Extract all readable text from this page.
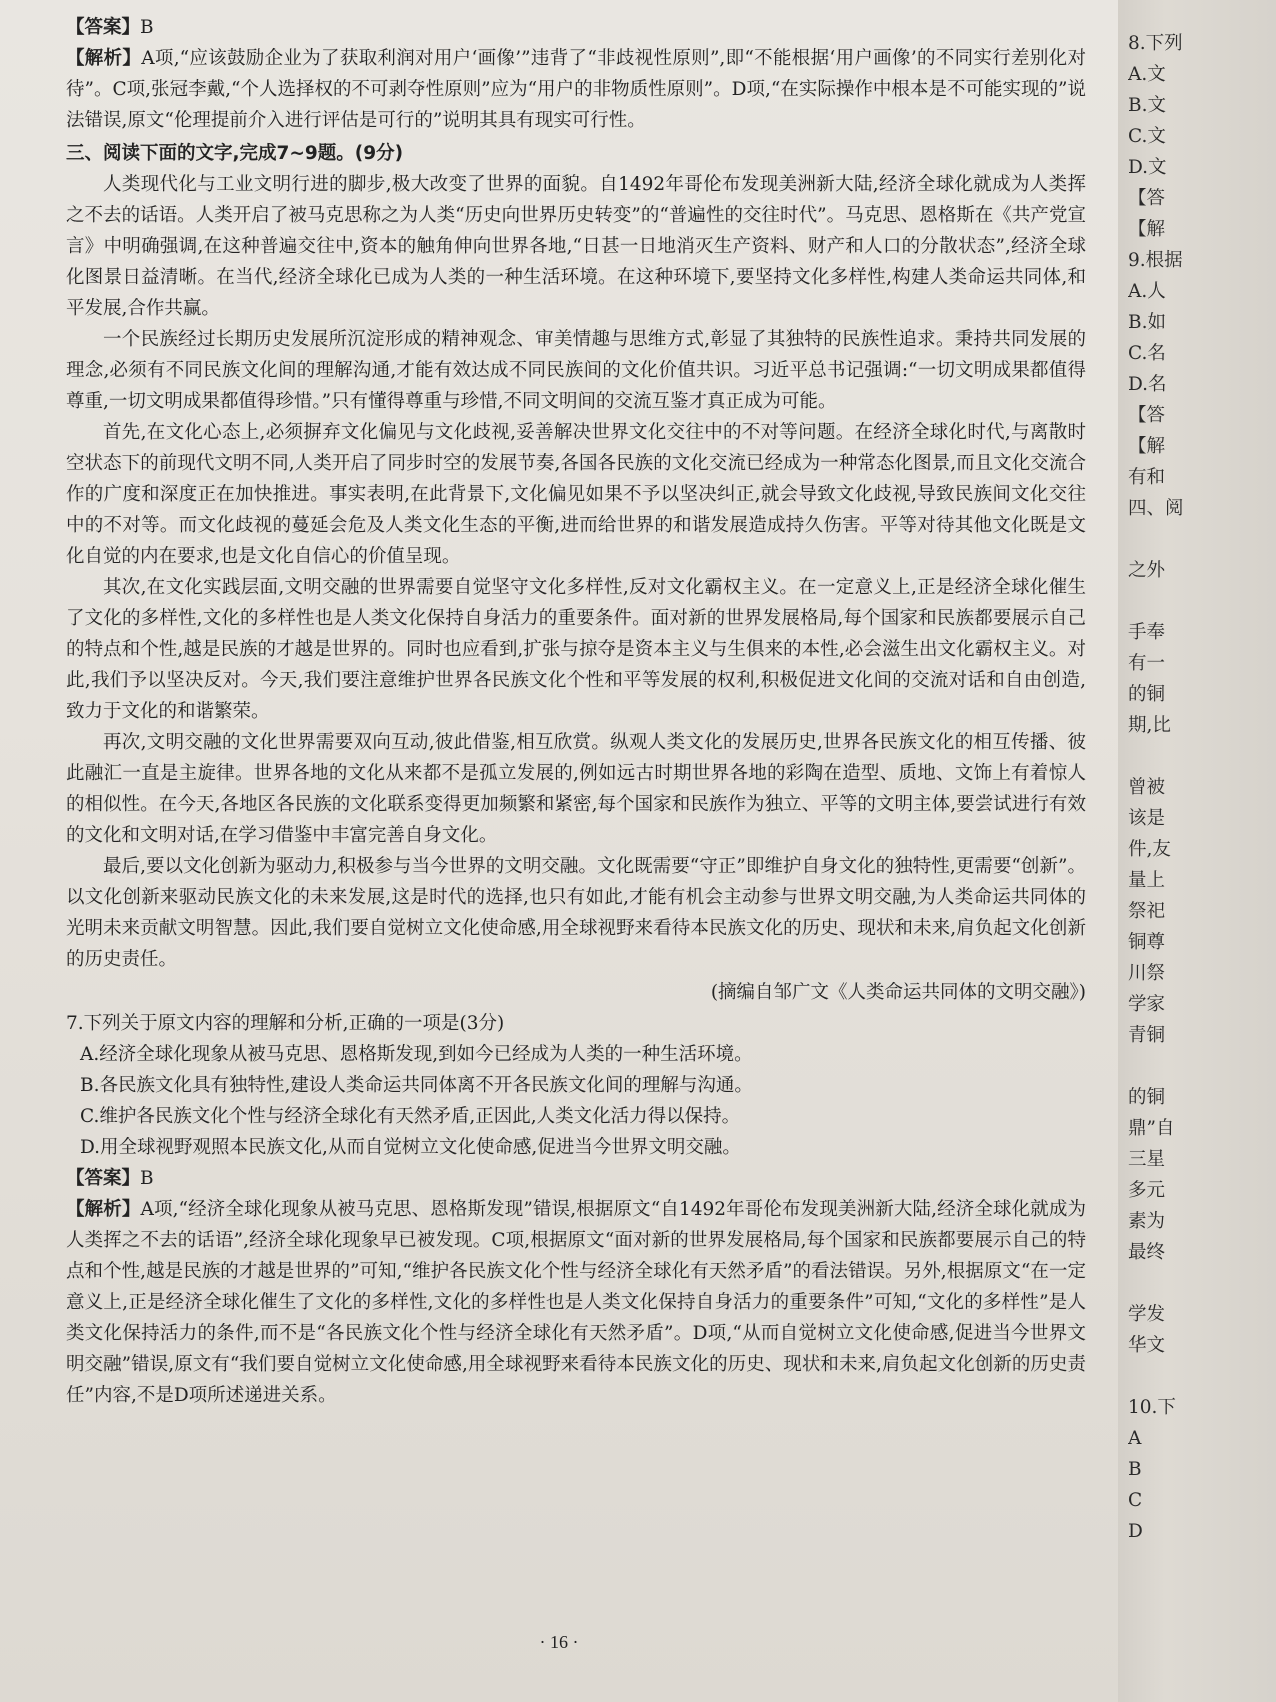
【答案】B

【解析】A项,“应该鼓励企业为了获取利润对用户‘画像’”违背了“非歧视性原则”,即“不能根据‘用户画像’的不同实行差别化对待”。C项,张冠李戴,“个人选择权的不可剥夺性原则”应为“用户的非物质性原则”。D项,“在实际操作中根本是不可能实现的”说法错误,原文“伦理提前介入进行评估是可行的”说明其具有现实可行性。

三、阅读下面的文字,完成7~9题。(9分)

人类现代化与工业文明行进的脚步,极大改变了世界的面貌。自1492年哥伦布发现美洲新大陆,经济全球化就成为人类挥之不去的话语。人类开启了被马克思称之为人类“历史向世界历史转变”的“普遍性的交往时代”。马克思、恩格斯在《共产党宣言》中明确强调,在这种普遍交往中,资本的触角伸向世界各地,“日甚一日地消灭生产资料、财产和人口的分散状态”,经济全球化图景日益清晰。在当代,经济全球化已成为人类的一种生活环境。在这种环境下,要坚持文化多样性,构建人类命运共同体,和平发展,合作共赢。

一个民族经过长期历史发展所沉淀形成的精神观念、审美情趣与思维方式,彰显了其独特的民族性追求。秉持共同发展的理念,必须有不同民族文化间的理解沟通,才能有效达成不同民族间的文化价值共识。习近平总书记强调:“一切文明成果都值得尊重,一切文明成果都值得珍惜。”只有懂得尊重与珍惜,不同文明间的交流互鉴才真正成为可能。

首先,在文化心态上,必须摒弃文化偏见与文化歧视,妥善解决世界文化交往中的不对等问题。在经济全球化时代,与离散时空状态下的前现代文明不同,人类开启了同步时空的发展节奏,各国各民族的文化交流已经成为一种常态化图景,而且文化交流合作的广度和深度正在加快推进。事实表明,在此背景下,文化偏见如果不予以坚决纠正,就会导致文化歧视,导致民族间文化交往中的不对等。而文化歧视的蔓延会危及人类文化生态的平衡,进而给世界的和谐发展造成持久伤害。平等对待其他文化既是文化自觉的内在要求,也是文化自信心的价值呈现。

其次,在文化实践层面,文明交融的世界需要自觉坚守文化多样性,反对文化霸权主义。在一定意义上,正是经济全球化催生了文化的多样性,文化的多样性也是人类文化保持自身活力的重要条件。面对新的世界发展格局,每个国家和民族都要展示自己的特点和个性,越是民族的才越是世界的。同时也应看到,扩张与掠夺是资本主义与生俱来的本性,必会滋生出文化霸权主义。对此,我们予以坚决反对。今天,我们要注意维护世界各民族文化个性和平等发展的权利,积极促进文化间的交流对话和自由创造,致力于文化的和谐繁荣。

再次,文明交融的文化世界需要双向互动,彼此借鉴,相互欣赏。纵观人类文化的发展历史,世界各民族文化的相互传播、彼此融汇一直是主旋律。世界各地的文化从来都不是孤立发展的,例如远古时期世界各地的彩陶在造型、质地、文饰上有着惊人的相似性。在今天,各地区各民族的文化联系变得更加频繁和紧密,每个国家和民族作为独立、平等的文明主体,要尝试进行有效的文化和文明对话,在学习借鉴中丰富完善自身文化。

最后,要以文化创新为驱动力,积极参与当今世界的文明交融。文化既需要“守正”即维护自身文化的独特性,更需要“创新”。以文化创新来驱动民族文化的未来发展,这是时代的选择,也只有如此,才能有机会主动参与世界文明交融,为人类命运共同体的光明未来贡献文明智慧。因此,我们要自觉树立文化使命感,用全球视野来看待本民族文化的历史、现状和未来,肩负起文化创新的历史责任。

(摘编自邹广文《人类命运共同体的文明交融》)

7.下列关于原文内容的理解和分析,正确的一项是(3分)

A.经济全球化现象从被马克思、恩格斯发现,到如今已经成为人类的一种生活环境。

B.各民族文化具有独特性,建设人类命运共同体离不开各民族文化间的理解与沟通。

C.维护各民族文化个性与经济全球化有天然矛盾,正因此,人类文化活力得以保持。

D.用全球视野观照本民族文化,从而自觉树立文化使命感,促进当今世界文明交融。

【答案】B

【解析】A项,“经济全球化现象从被马克思、恩格斯发现”错误,根据原文“自1492年哥伦布发现美洲新大陆,经济全球化就成为人类挥之不去的话语”,经济全球化现象早已被发现。C项,根据原文“面对新的世界发展格局,每个国家和民族都要展示自己的特点和个性,越是民族的才越是世界的”可知,“维护各民族文化个性与经济全球化有天然矛盾”的看法错误。另外,根据原文“在一定意义上,正是经济全球化催生了文化的多样性,文化的多样性也是人类文化保持自身活力的重要条件”可知,“文化的多样性”是人类文化保持活力的条件,而不是“各民族文化个性与经济全球化有天然矛盾”。D项,“从而自觉树立文化使命感,促进当今世界文明交融”错误,原文有“我们要自觉树立文化使命感,用全球视野来看待本民族文化的历史、现状和未来,肩负起文化创新的历史责任”内容,不是D项所述递进关系。

· 16 ·
8.下列
A.文
B.文
C.文
D.文
【答
【解
9.根据
A.人
B.如
C.名
D.名
【答
【解
有和
四、阅
之外
手奉
有一
的铜
期,比
曾被
该是
件,友
量上
祭祀
铜尊
川祭
学家
青铜
的铜
鼎”自
三星
多元
素为
最终
学发
华文
10.下
A
B
C
D
